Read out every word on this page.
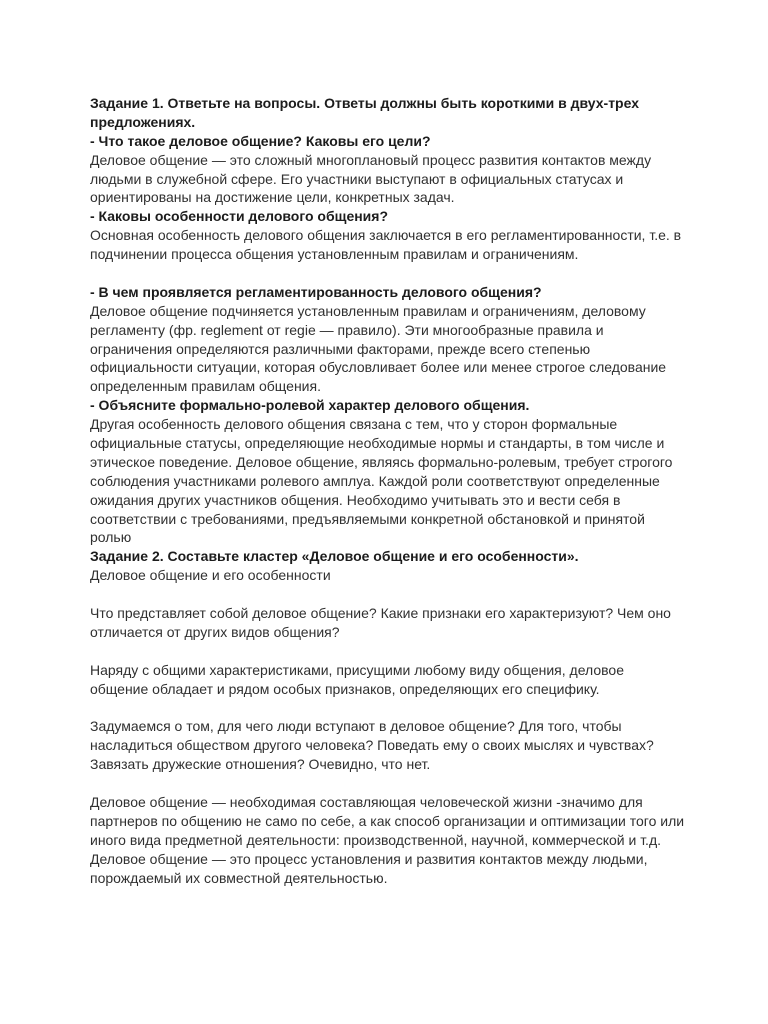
Задание 1. Ответьте на вопросы. Ответы должны быть короткими в двух-трех
предложениях.
- Что такое деловое общение? Каковы его цели?
Деловое общение — это сложный многоплановый процесс развития контактов между
людьми в служебной сфере. Его участники выступают в официальных статусах и
ориентированы на достижение цели, конкретных задач.
- Каковы особенности делового общения?
Основная особенность делового общения заключается в его регламентированности, т.е. в
подчинении процесса общения установленным правилам и ограничениям.
- В чем проявляется регламентированность делового общения?
Деловое общение подчиняется установленным правилам и ограничениям, деловому
регламенту (фр. reglement от regie — правило). Эти многообразные правила и
ограничения определяются различными факторами, прежде всего степенью
официальности ситуации, которая обусловливает более или менее строгое следование
определенным правилам общения.
- Объясните формально-ролевой характер делового общения.
Другая особенность делового общения связана с тем, что у сторон формальные
официальные статусы, определяющие необходимые нормы и стандарты, в том числе и
этическое поведение. Деловое общение, являясь формально-ролевым, требует строгого
соблюдения участниками ролевого амплуа. Каждой роли соответствуют определенные
ожидания других участников общения. Необходимо учитывать это и вести себя в
соответствии с требованиями, предъявляемыми конкретной обстановкой и принятой
ролью
Задание 2. Составьте кластер «Деловое общение и его особенности».
Деловое общение и его особенности
Что представляет собой деловое общение? Какие признаки его характеризуют? Чем оно
отличается от других видов общения?
Наряду с общими характеристиками, присущими любому виду общения, деловое
общение обладает и рядом особых признаков, определяющих его специфику.
Задумаемся о том, для чего люди вступают в деловое общение? Для того, чтобы
насладиться обществом другого человека? Поведать ему о своих мыслях и чувствах?
Завязать дружеские отношения? Очевидно, что нет.
Деловое общение — необходимая составляющая человеческой жизни -значимо для
партнеров по общению не само по себе, а как способ организации и оптимизации того или
иного вида предметной деятельности: производственной, научной, коммерческой и т.д.
Деловое общение — это процесс установления и развития контактов между людьми,
порождаемый их совместной деятельностью.
